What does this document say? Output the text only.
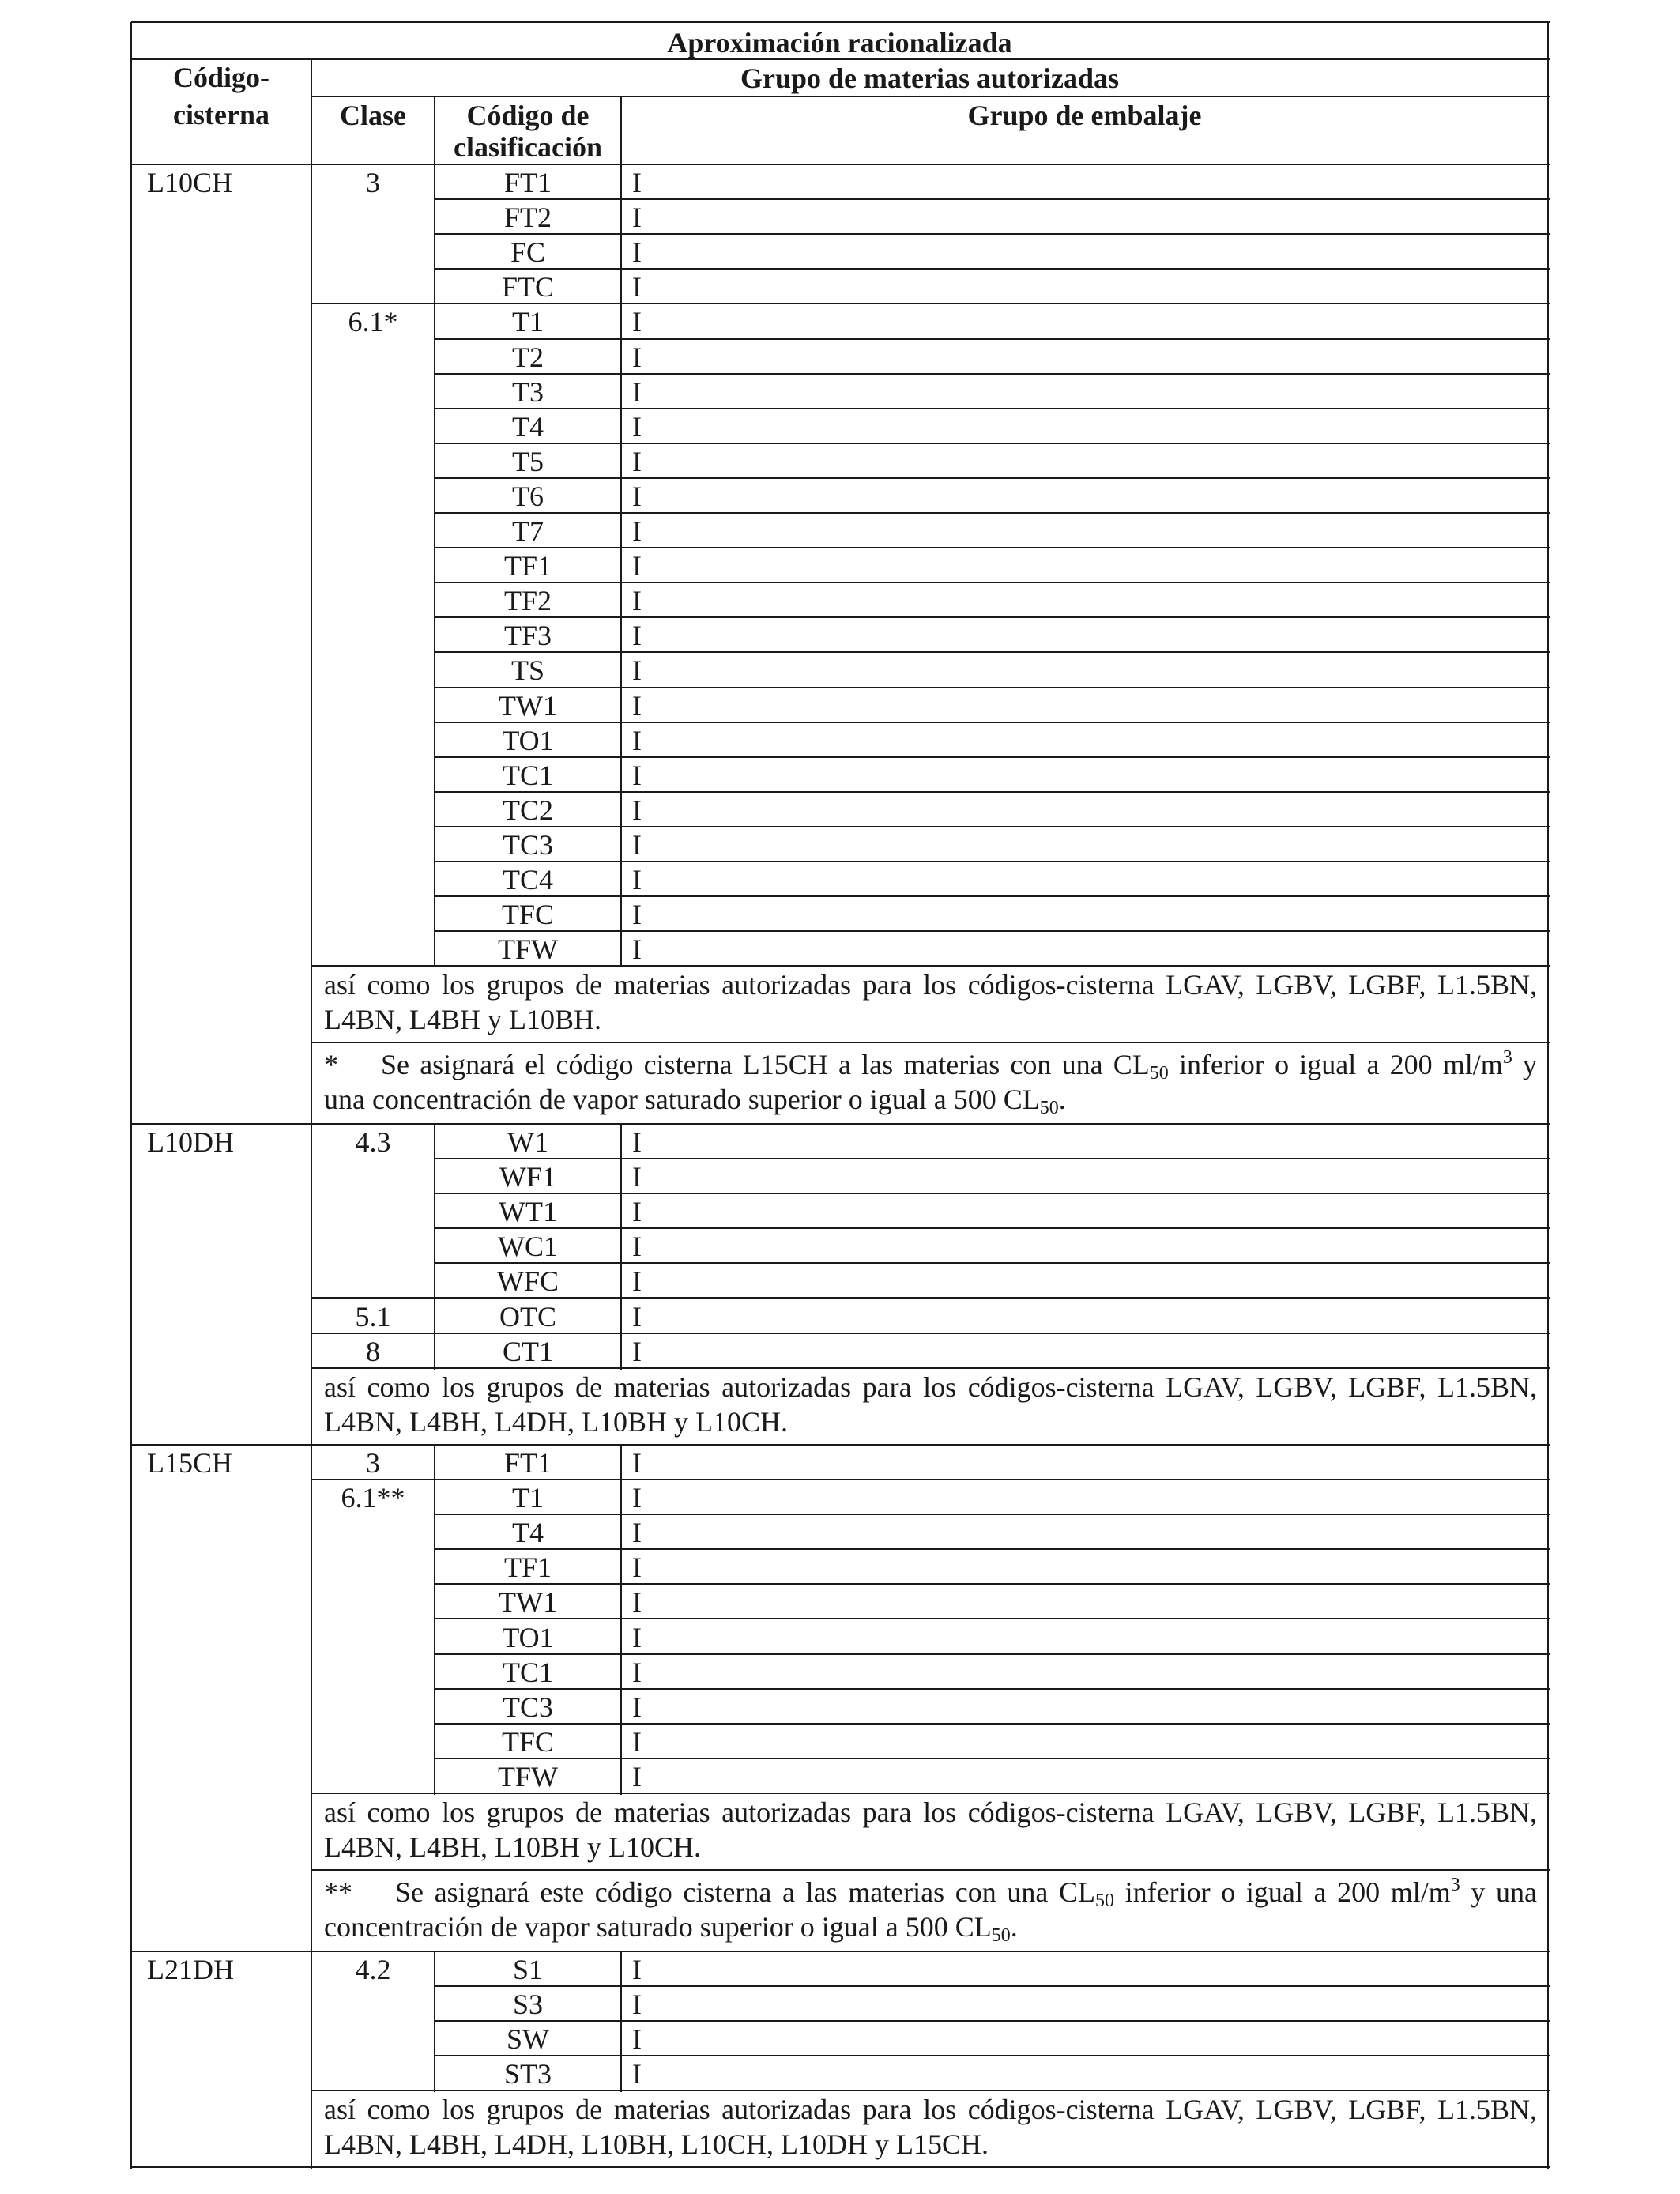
Aproximación racionalizada
Código-
cisterna
Grupo de materias autorizadas
Clase	Código de
clasificación
Grupo de embalaje
L10CH	3	FT1	I
FT2	I
FC	I
FTC	I
6.1*	T1	I
T2	I
T3	I
T4	I
T5	I
T6	I
T7	I
TF1	I
TF2	I
TF3	I
TS	I
TW1	I
TO1	I
TC1	I
TC2	I
TC3	I
TC4	I
TFC	I
TFW	I
así como los grupos de materias autorizadas para los códigos-cisterna LGAV, LGBV, LGBF, L1.5BN,
L4BN, L4BH y L10BH.
* Se asignará el código cisterna L15CH a las materias con una $CL_{50}$ inferior o igual a 200 $ml/m^3$ y
una concentración de vapor saturado superior o igual a 500 $CL_{50}$.
L10DH	4.3	W1	I
WF1	I
WT1	I
WC1	I
WFC	I
5.1	OTC	I
8	CT1	I
así como los grupos de materias autorizadas para los códigos-cisterna LGAV, LGBV, LGBF, L1.5BN,
L4BN, L4BH, L4DH, L10BH y L10CH.
L15CH	3	FT1	I
6.1**	T1	I
T4	I
TF1	I
TW1	I
TO1	I
TC1	I
TC3	I
TFC	I
TFW	I
así como los grupos de materias autorizadas para los códigos-cisterna LGAV, LGBV, LGBF, L1.5BN,
L4BN, L4BH, L10BH y L10CH.
** Se asignará este código cisterna a las materias con una $CL_{50}$ inferior o igual a 200 $ml/m^3$ y una
concentración de vapor saturado superior o igual a 500 $CL_{50}$.
L21DH	4.2	S1	I
S3	I
SW	I
ST3	I
así como los grupos de materias autorizadas para los códigos-cisterna LGAV, LGBV, LGBF, L1.5BN,
L4BN, L4BH, L4DH, L10BH, L10CH, L10DH y L15CH.
